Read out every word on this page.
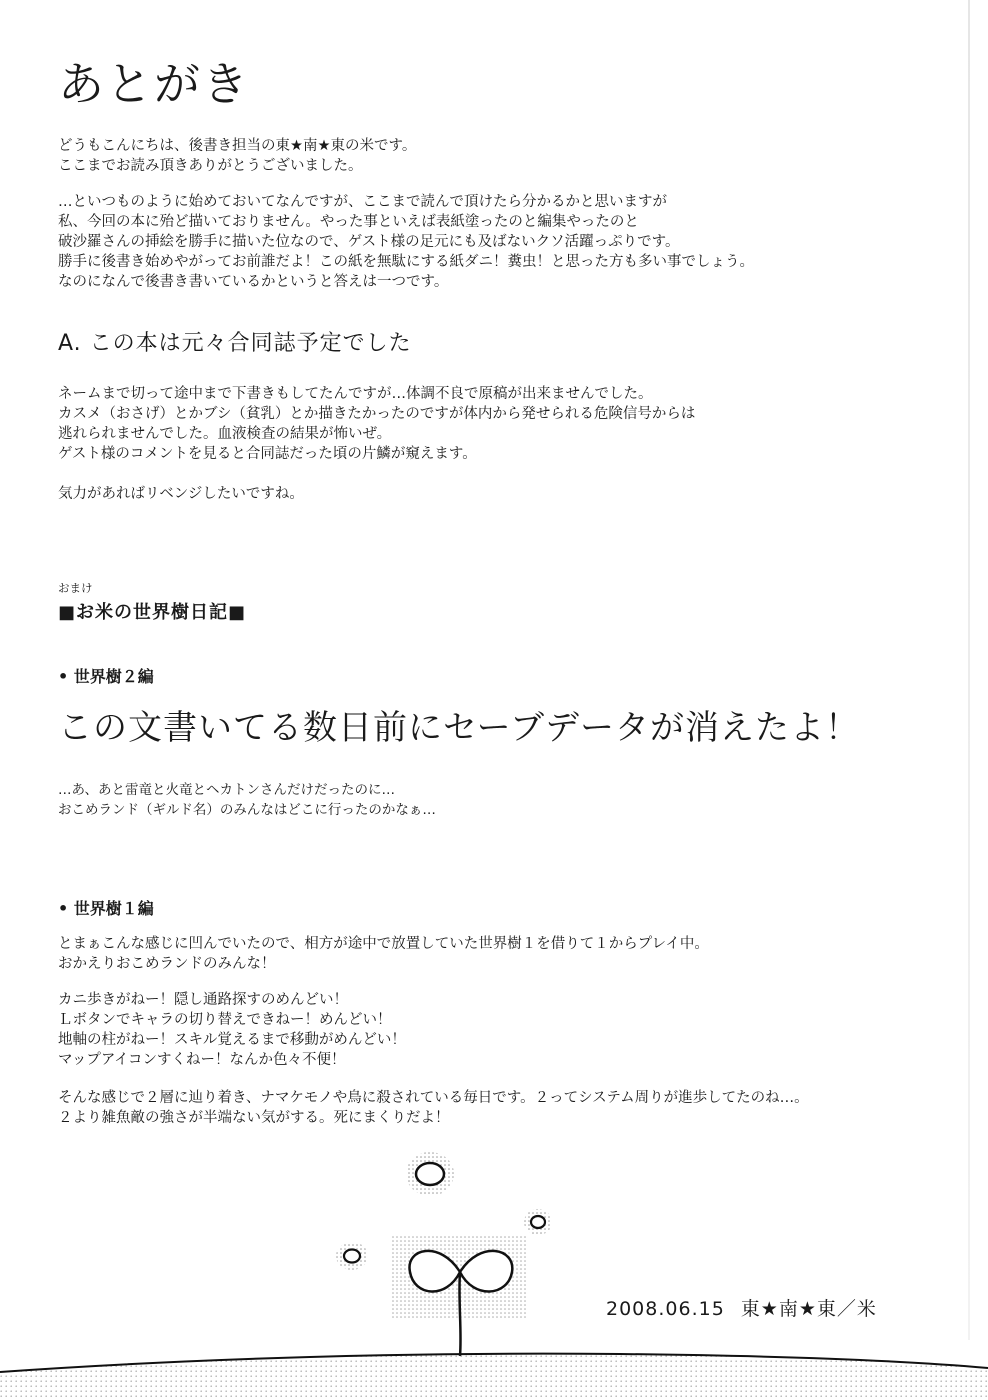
あとがき
どうもこんにちは、後書き担当の東★南★東の米です。
ここまでお読み頂きありがとうございました。
…といつものように始めておいてなんですが、ここまで読んで頂けたら分かるかと思いますが
私、今回の本に殆ど描いておりません。やった事といえば表紙塗ったのと編集やったのと
破沙羅さんの挿絵を勝手に描いた位なので、ゲスト様の足元にも及ばないクソ活躍っぷりです。
勝手に後書き始めやがってお前誰だよ！この紙を無駄にする紙ダニ！糞虫！と思った方も多い事でしょう。
なのになんで後書き書いているかというと答えは一つです。
A. この本は元々合同誌予定でした
ネームまで切って途中まで下書きもしてたんですが…体調不良で原稿が出来ませんでした。
カスメ（おさげ）とかブシ（貧乳）とか描きたかったのですが体内から発せられる危険信号からは
逃れられませんでした。血液検査の結果が怖いぜ。
ゲスト様のコメントを見ると合同誌だった頃の片鱗が窺えます。
気力があればリベンジしたいですね。
おまけ
■お米の世界樹日記■
• 世界樹２編
この文書いてる数日前にセーブデータが消えたよ！
…あ、あと雷竜と火竜とヘカトンさんだけだったのに…
おこめランド（ギルド名）のみんなはどこに行ったのかなぁ…
• 世界樹１編
とまぁこんな感じに凹んでいたので、相方が途中で放置していた世界樹１を借りて１からプレイ中。
おかえりおこめランドのみんな！
カニ歩きがねー！隠し通路探すのめんどい！
Ｌボタンでキャラの切り替えできねー！めんどい！
地軸の柱がねー！スキル覚えるまで移動がめんどい！
マップアイコンすくねー！なんか色々不便！
そんな感じで２層に辿り着き、ナマケモノや鳥に殺されている毎日です。２ってシステム周りが進歩してたのね…。
２より雑魚敵の強さが半端ない気がする。死にまくりだよ！
2008.06.15 東★南★東／米
